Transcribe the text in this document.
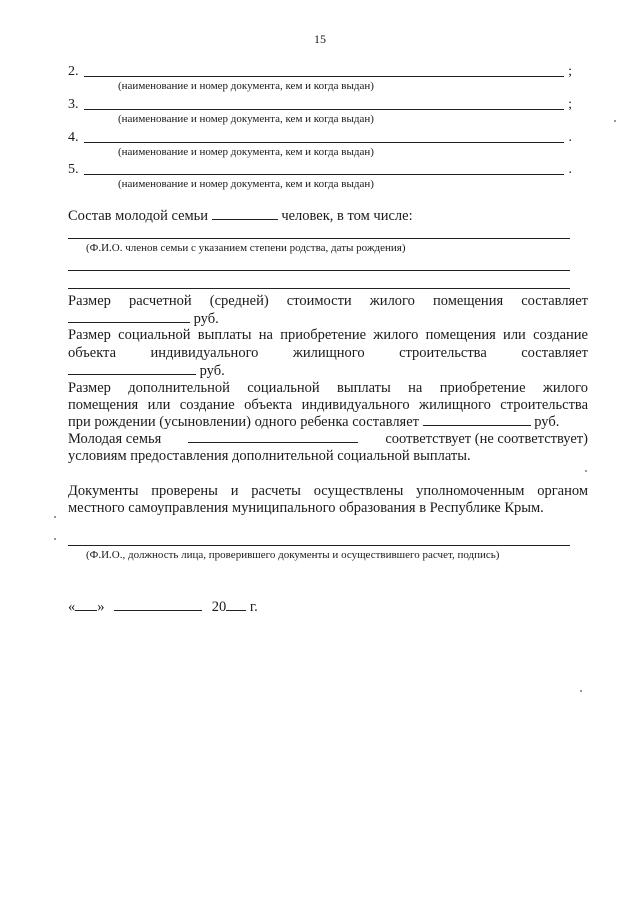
15
2.	;
(наименование и номер документа, кем и когда выдан)
3.	;
(наименование и номер документа, кем и когда выдан)
4.	.
(наименование и номер документа, кем и когда выдан)
5.	.
(наименование и номер документа, кем и когда выдан)
Состав молодой семьи	человек, в том числе:
(Ф.И.О. членов семьи с указанием степени родства, даты рождения)
Размер расчетной (средней) стоимости жилого помещения составляет
руб.
Размер социальной выплаты на приобретение жилого помещения или создание
объекта индивидуального жилищного строительства составляет
руб.
Размер дополнительной социальной выплаты на приобретение жилого
помещения или создание объекта индивидуального жилищного строительства
при рождении (усыновлении) одного ребенка составляет	руб.
Молодая семья	соответствует (не соответствует)
условиям предоставления дополнительной социальной выплаты.
Документы проверены и расчеты осуществлены уполномоченным органом
местного самоуправления муниципального образования в Республике Крым.
(Ф.И.О., должность лица, проверившего документы и осуществившего расчет, подпись)
« »	20 г.
